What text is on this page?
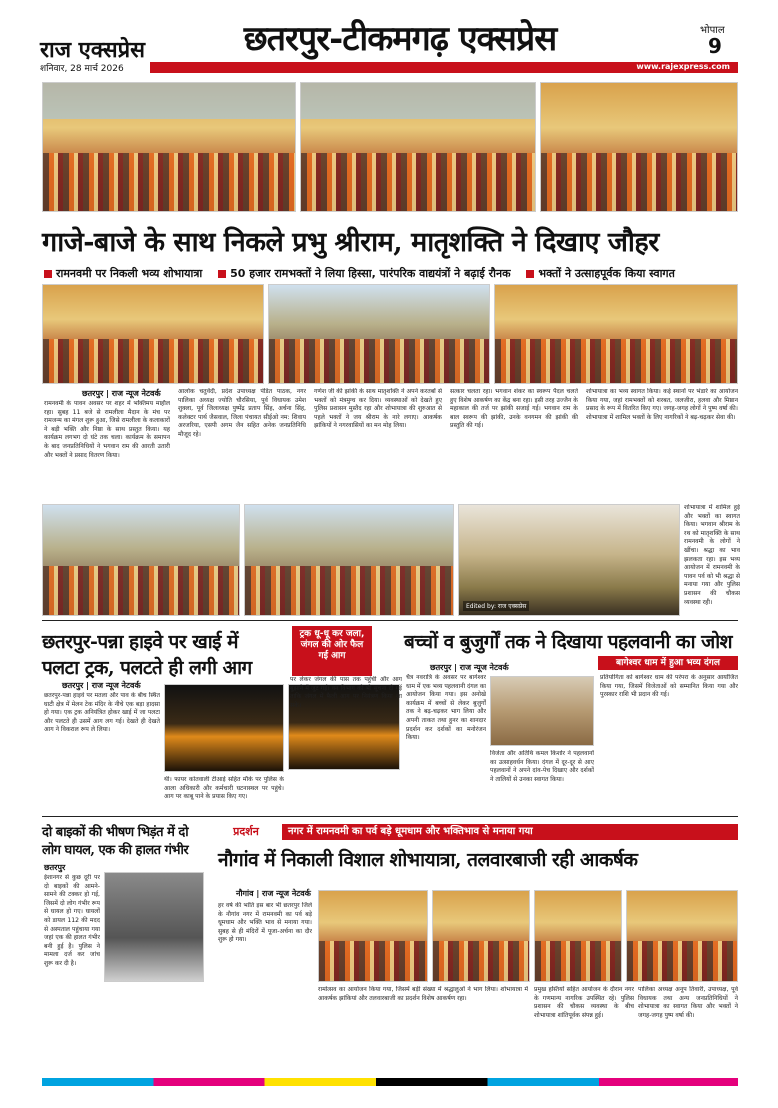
राज एक्सप्रेस
शनिवार, 28 मार्च 2026
छतरपुर-टीकमगढ़ एक्सप्रेस	भोपाल
9
www.rajexpress.com
गाजे-बाजे के साथ निकले प्रभु श्रीराम, मातृशक्ति ने दिखाए जौहर
रामनवमी पर निकली भव्य शोभायात्रा	50 हजार रामभक्तों ने लिया हिस्सा, पारंपरिक वाद्ययंत्रों ने बढ़ाई रौनक	भक्तों ने उत्साहपूर्वक किया स्वागत
छतरपुर | राज न्यूज नेटवर्क
रामनवमी के पावन अवसर पर शहर में भक्तिमय माहौल रहा। सुबह 11 बजे से रामलीला मैदान के मंच पर रामजन्म का मंगल शुरू हुआ, जिसे रामलीला के कलाकारों ने बड़ी भक्ति और निष्ठा के साथ प्रस्तुत किया। यह कार्यक्रम लगभग दो घंटे तक चला। कार्यक्रम के समापन के बाद जनप्रतिनिधियों ने भगवान राम की आरती उतारी और भक्तों ने प्रसाद वितरण किया।
आलोक चतुर्वेदी, प्रदेश उपाध्यक्ष पंडित पाठक, नगर पालिका अध्यक्ष ज्योति चौरसिया, पूर्व विधायक उमेश शुक्ला, पूर्व जिलाध्यक्ष पुष्पेंद्र प्रताप सिंह, अर्चना सिंह, कलेक्टर पार्थ जैसवाल, जिला पंचायत सीईओ नम: शिवाय अरजरिया, एसपी अगम जैन सहित अनेक जनप्रतिनिधि मौजूद रहे।
गणेश जी की झांकी के साथ मातृशक्ति ने अपने करतबों से भक्तों को मंत्रमुग्ध कर दिया। व्यवस्थाओं को देखते हुए पुलिस प्रशासन मुस्तैद रहा और शोभायात्रा की शुरुआत से पहले भक्तों ने जय श्रीराम के नारे लगाए। आकर्षक झांकियों ने नगरवासियों का मन मोह लिया।
सत्कार चलता रहा। भगवान शंकर का स्वरूप पैदल चलते हुए विशेष आकर्षण का केंद्र बना रहा। इसी तरह उज्जैन के महाकाल की तर्ज पर झांकी सजाई गई। भगवान राम के बाल स्वरूप की झांकी, उनके वनगमन की झांकी की प्रस्तुति की गई।
शोभायात्रा का भव्य स्वागत किया। कई स्थानों पर भंडारे का आयोजन किया गया, जहां रामभक्तों को शरबत, जलजीरा, हलवा और मिष्ठान प्रसाद के रूप में वितरित किए गए। जगह-जगह लोगों ने पुष्प वर्षा की। शोभायात्रा में शामिल भक्तों के लिए नागरिकों ने बढ़-चढ़कर सेवा की।
Edited by: राज एक्सप्रेस
शोभायात्रा में शामिल हुई और भक्तों का स्वागत किया। भगवान श्रीराम के रथ को मातृशक्ति के साथ रामनवमी के लोगों ने खींचा। श्रद्धा का भाव झलकता रहा। इस भव्य आयोजन में रामनवमी के पावन पर्व को भी श्रद्धा से मनाया गया और पुलिस प्रशासन की चौकस व्यवस्था रही।
छतरपुर-पन्ना हाइवे पर खाई में
पलटा ट्रक, पलटते ही लगी आग
ट्रक धू-धू कर जला, जंगल की ओर फैल गई आग
छतरपुर | राज न्यूज नेटवर्क
छतरपुर-पन्ना हाइवे पर मतला और पाव के बीच स्थित घाटी क्षेत्र में मेलन टेक मंदिर के नीचे एक बड़ा हादसा हो गया। एक ट्रक अनियंत्रित होकर खाई में जा पलटा और पलटते ही उसमें आग लग गई। देखते ही देखते आग ने विकराल रूप ले लिया।
थी। फायर कोतवाली टीआई सहित मौके पर पुलिस के आला अधिकारी और कर्मचारी घटनास्थल पर पहुंचे। आग पर काबू पाने के प्रयास किए गए।
पर लेकर जंगल की पास तक पहुंची और आग बुझाने में जुट गई। वन विभाग को भी सूचना दी गई ताकि जंगल में फैली आग पर नियंत्रण किया जा सके।
बच्चों व बुजुर्गों तक ने दिखाया पहलवानी का जोश
बागेश्वर धाम में हुआ भव्य दंगल
छतरपुर | राज न्यूज नेटवर्क
चैत्र नवरात्रि के अवसर पर बागेश्वर धाम में एक भव्य पहलवानी दंगल का आयोजन किया गया। इस अनोखे कार्यक्रम में बच्चों से लेकर बुजुर्गों तक ने बढ़-चढ़कर भाग लिया और अपनी ताकत तथा हुनर का शानदार प्रदर्शन कर दर्शकों का मनोरंजन किया।
विजेता और अतिथि कमल किशोर ने पहलवानों का उत्साहवर्धन किया। दंगल में दूर-दूर से आए पहलवानों ने अपने दांव-पेच दिखाए और दर्शकों ने तालियों से उनका स्वागत किया।
प्रतियोगिता को बागेश्वर धाम की परंपरा के अनुसार आयोजित किया गया, जिसमें विजेताओं को सम्मानित किया गया और पुरस्कार राशि भी प्रदान की गई।
दो बाइकों की भीषण भिड़ंत में दो
लोग घायल, एक की हालत गंभीर
छतरपुर
ईशानगर से कुछ दूरी पर दो बाइकों की आमने-सामने की टक्कर हो गई, जिसमें दो लोग गंभीर रूप से घायल हो गए। घायलों को डायल 112 की मदद से अस्पताल पहुंचाया गया जहां एक की हालत गंभीर बनी हुई है। पुलिस ने मामला दर्ज कर जांच शुरू कर दी है।
प्रदर्शन	नगर में रामनवमी का पर्व बड़े धूमधाम और भक्तिभाव से मनाया गया
नौगांव में निकाली विशाल शोभायात्रा, तलवारबाजी रही आकर्षक
नौगांव | राज न्यूज नेटवर्क
हर वर्ष की भांति इस बार भी छतरपुर जिले के नौगांव नगर में रामनवमी का पर्व बड़े धूमधाम और भक्ति भाव से मनाया गया। सुबह से ही मंदिरों में पूजा-अर्चना का दौर शुरू हो गया।
रामोत्सव का आयोजन किया गया, जिसमें बड़ी संख्या में श्रद्धालुओं ने भाग लिया। शोभायात्रा में आकर्षक झांकियां और तलवारबाजी का प्रदर्शन विशेष आकर्षण रहा।
प्रमुख हस्तियों सहित आयोजन के दौरान नगर के गणमान्य नागरिक उपस्थित रहे। पुलिस प्रशासन की चौकस व्यवस्था के बीच शोभायात्रा शांतिपूर्वक संपन्न हुई।
पालिका अध्यक्ष अनूप तिवारी, उपाध्यक्ष, पूर्व विधायक तथा अन्य जनप्रतिनिधियों ने शोभायात्रा का स्वागत किया और भक्तों ने जगह-जगह पुष्प वर्षा की।
